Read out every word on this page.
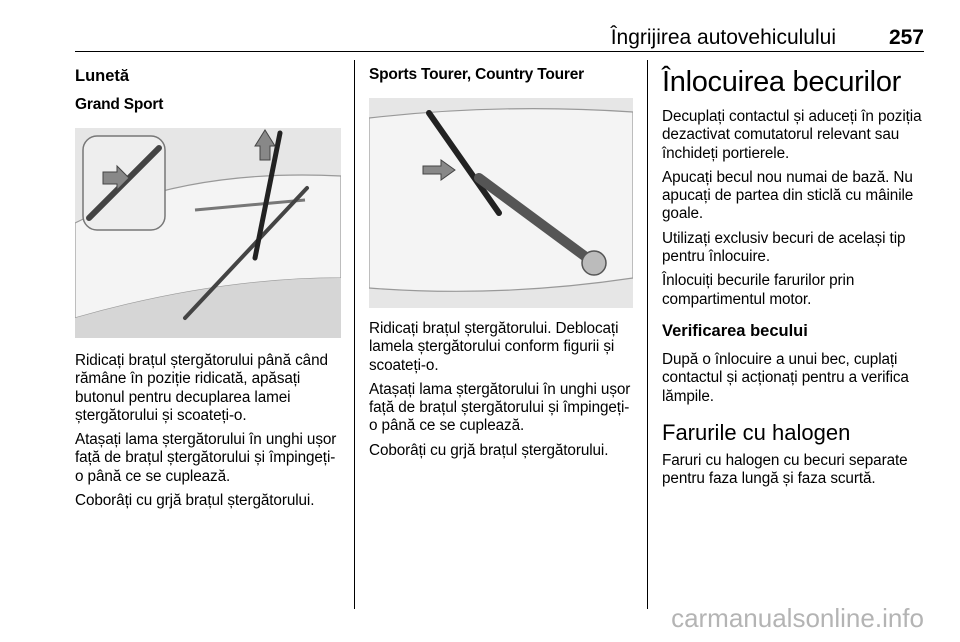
Îngrijirea autovehiculului	257
Lunetă
Grand Sport

Ridicați brațul ștergătorului până când rămâne în poziție ridicată, apăsați butonul pentru decuplarea lamei ștergătorului și scoateți-o.

Atașați lama ștergătorului în unghi ușor față de brațul ștergătorului și împingeți-o până ce se cuplează.

Coborâți cu grjă brațul ștergătorului.

Sports Tourer, Country Tourer

Ridicați brațul ștergătorului. Deblocați lamela ștergătorului conform figurii și scoateți-o.

Atașați lama ștergătorului în unghi ușor față de brațul ștergătorului și împingeți-o până ce se cuplează.

Coborâți cu grjă brațul ștergătorului.

Înlocuirea becurilor

Decuplați contactul și aduceți în poziția dezactivat comutatorul relevant sau închideți portierele.

Apucați becul nou numai de bază. Nu apucați de partea din sticlă cu mâinile goale.

Utilizați exclusiv becuri de același tip pentru înlocuire.

Înlocuiți becurile farurilor prin compartimentul motor.

Verificarea becului

După o înlocuire a unui bec, cuplați contactul și acționați pentru a verifica lămpile.

Farurile cu halogen

Faruri cu halogen cu becuri separate pentru faza lungă și faza scurtă.

carmanualsonline.info
